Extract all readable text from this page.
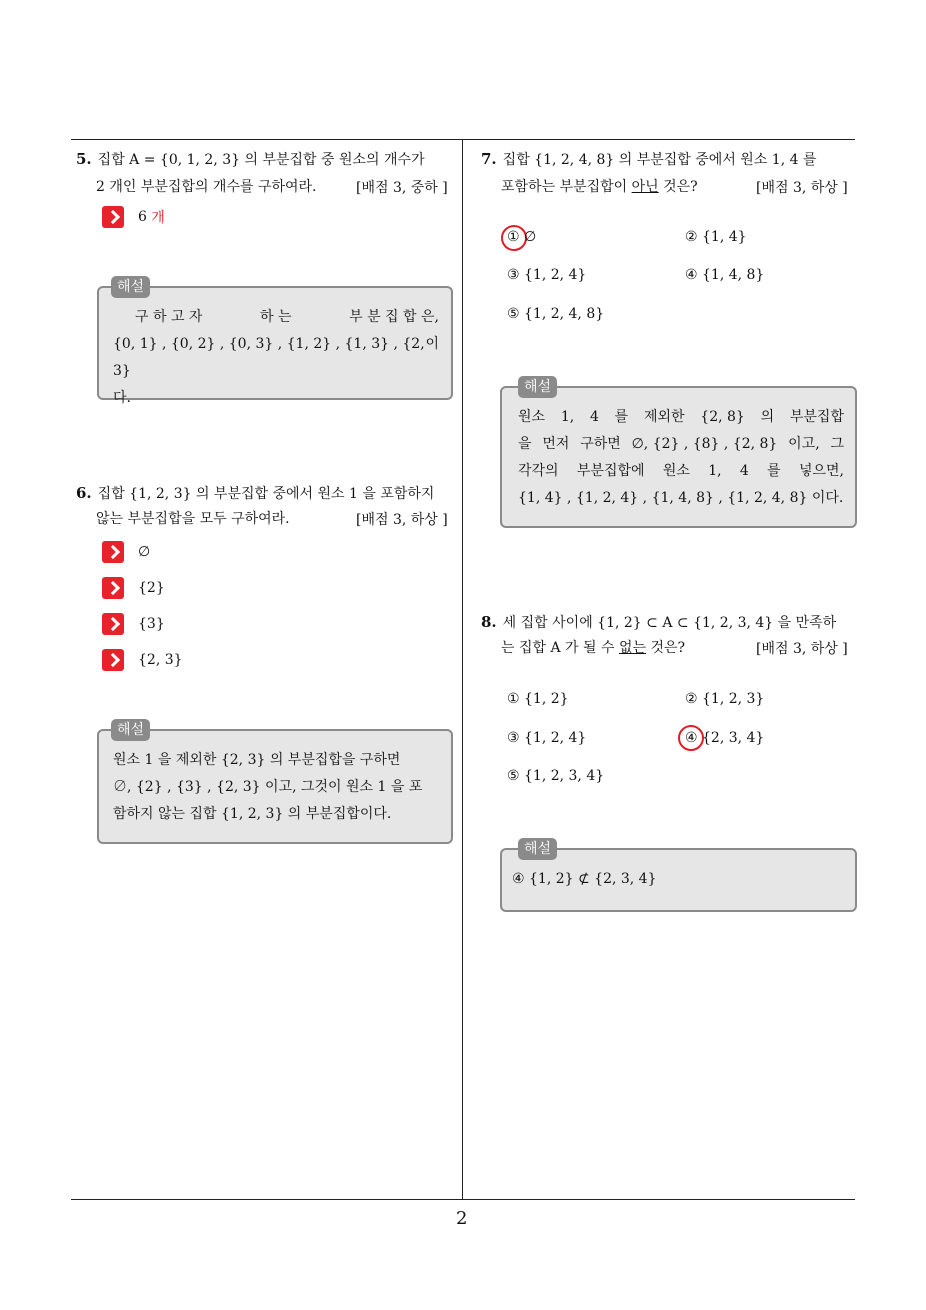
5. 집합 A = {0, 1, 2, 3} 의 부분집합 중 원소의 개수가
2 개인 부분집합의 개수를 구하여라.	[배점 3, 중하 ]
6
개
해설
구 하 고 자	하 는	부 분 집 합 은,
{0, 1} , {0, 2} , {0, 3} , {1, 2} , {1, 3} , {2, 3}
이
다.
6. 집합 {1, 2, 3} 의 부분집합 중에서 원소 1 을 포함하지
않는 부분집합을 모두 구하여라.	[배점 3, 하상 ]
∅
{2}
{3}
{2, 3}
해설
원소 1 을 제외한 {2, 3} 의 부분집합을 구하면
∅, {2} , {3} , {2, 3} 이고, 그것이 원소 1 을 포
함하지 않는 집합 {1, 2, 3} 의 부분집합이다.
7. 집합 {1, 2, 4, 8} 의 부분집합 중에서 원소 1, 4 를
포함하는 부분집합이 아닌 것은?	[배점 3, 하상 ]
① ∅	② {1, 4}
③ {1, 2, 4}	④ {1, 4, 8}
⑤ {1, 2, 4, 8}
해설
원소 1, 4 를 제외한 {2, 8} 의 부분집합
을 먼저 구하면 ∅, {2} , {8} , {2, 8} 이고, 그
각각의 부분집합에 원소 1, 4 를 넣으면,
{1, 4} , {1, 2, 4} , {1, 4, 8} , {1, 2, 4, 8} 이다.
8. 세 집합 사이에 {1, 2} ⊂ A ⊂ {1, 2, 3, 4} 을 만족하
는 집합 A 가 될 수 없는 것은?	[배점 3, 하상 ]
① {1, 2}	② {1, 2, 3}
③ {1, 2, 4}	④ {2, 3, 4}
⑤ {1, 2, 3, 4}
해설
④ {1, 2} ⊄ {2, 3, 4}
2
